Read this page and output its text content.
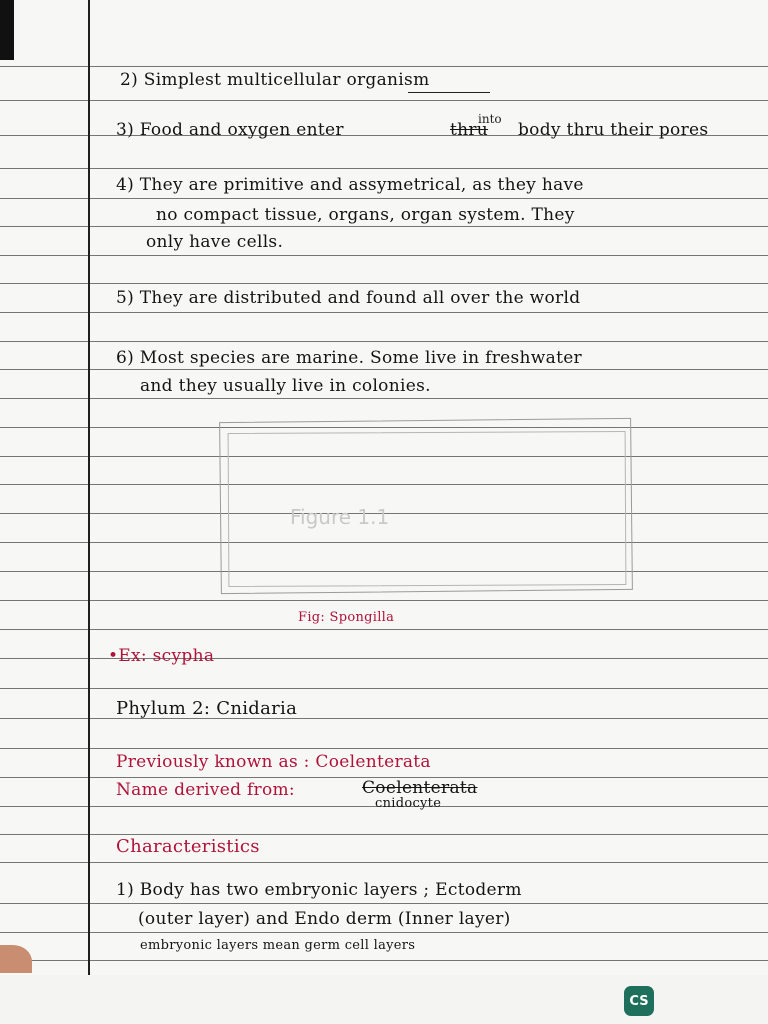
2) Simplest multicellular organism
into
3) Food and oxygen enter	thru body thru their pores
4) They are primitive and assymetrical, as they have
no compact tissue, organs, organ system. They
only have cells.
5) They are distributed and found all over the world
6) Most species are marine. Some live in freshwater
and they usually live in colonies.
Figure 1.1
Fig: Spongilla
•Ex: scypha
Phylum 2: Cnidaria
Previously known as : Coelenterata
Name derived from:	Coelenterata
cnidocyte
Characteristics
1) Body has two embryonic layers ; Ectoderm
(outer layer) and Endo derm (Inner layer)
embryonic layers mean germ cell layers
CS
